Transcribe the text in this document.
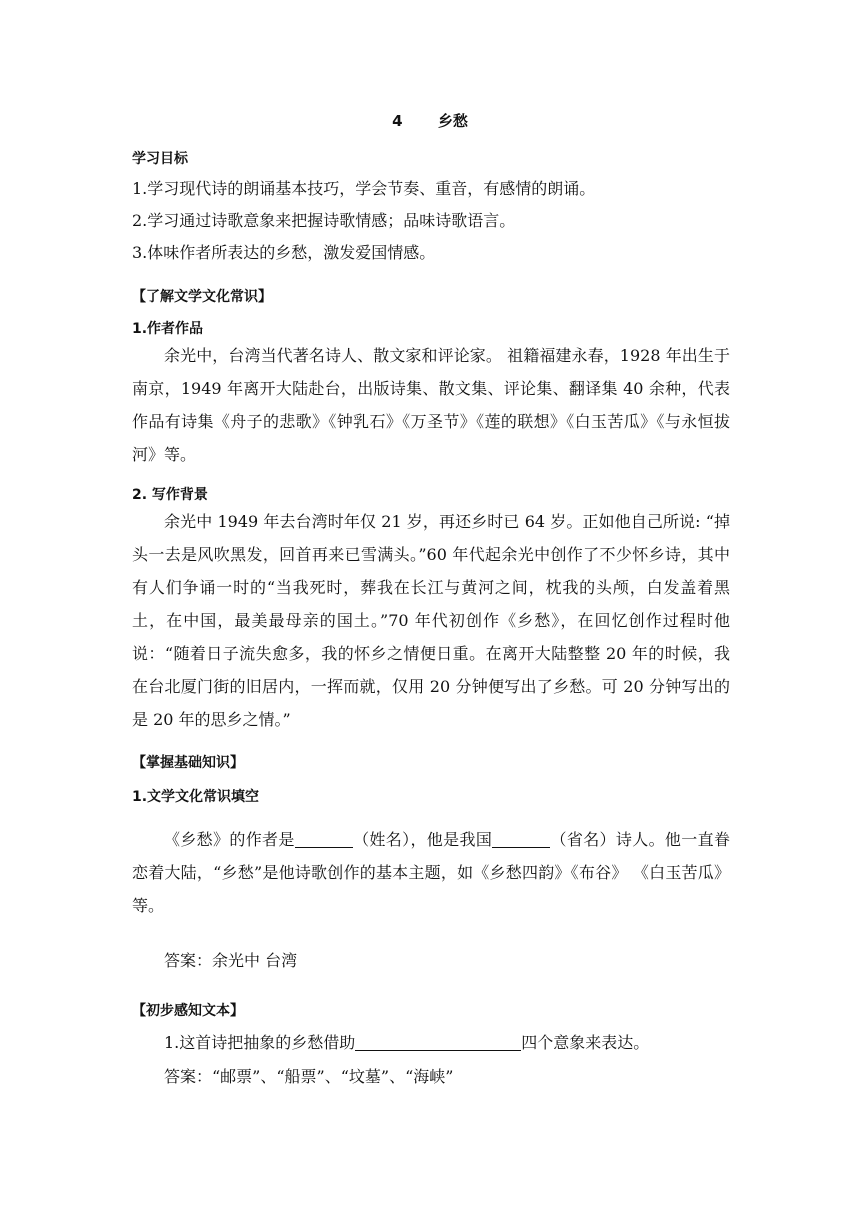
4 乡愁
学习目标
1.学习现代诗的朗诵基本技巧，学会节奏、重音，有感情的朗诵。
2.学习通过诗歌意象来把握诗歌情感；品味诗歌语言。
3.体味作者所表达的乡愁，激发爱国情感。
【了解文学文化常识】
1.作者作品
余光中，台湾当代著名诗人、散文家和评论家。 祖籍福建永春，1928 年出生于南京，1949 年离开大陆赴台，出版诗集、散文集、评论集、翻译集 40 余种，代表作品有诗集《舟子的悲歌》《钟乳石》《万圣节》《莲的联想》《白玉苦瓜》《与永恒拔河》等。
2. 写作背景
余光中 1949 年去台湾时年仅 21 岁，再还乡时已 64 岁。正如他自己所说: “掉头一去是风吹黑发，回首再来已雪满头。”60 年代起余光中创作了不少怀乡诗，其中有人们争诵一时的“当我死时，葬我在长江与黄河之间，枕我的头颅，白发盖着黑土，在中国，最美最母亲的国土。”70 年代初创作《乡愁》，在回忆创作过程时他说：“随着日子流失愈多，我的怀乡之情便日重。在离开大陆整整 20 年的时候，我在台北厦门街的旧居内，一挥而就，仅用 20 分钟便写出了乡愁。可 20 分钟写出的是 20 年的思乡之情。”
【掌握基础知识】
1.文学文化常识填空
《乡愁》的作者是	（姓名），他是我国	（省名）诗人。他一直眷恋着大陆，“乡愁”是他诗歌创作的基本主题，如《乡愁四韵》《布谷》 《白玉苦瓜》等。
答案：余光中 台湾
【初步感知文本】
1.这首诗把抽象的乡愁借助	四个意象来表达。
答案：“邮票”、“船票”、“坟墓”、“海峡”
